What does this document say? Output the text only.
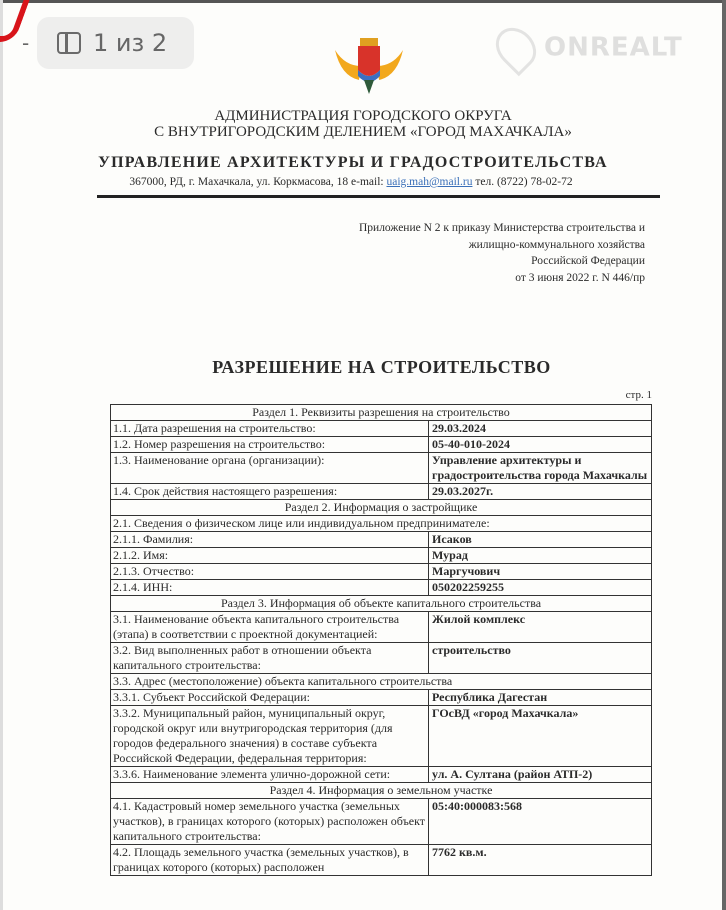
-	1 из 2	ONREALT
АДМИНИСТРАЦИЯ ГОРОДСКОГО ОКРУГА
С ВНУТРИГОРОДСКИМ ДЕЛЕНИЕМ «ГОРОД МАХАЧКАЛА»
УПРАВЛЕНИЕ АРХИТЕКТУРЫ И ГРАДОСТРОИТЕЛЬСТВА
367000, РД, г. Махачкала, ул. Коркмасова, 18 e-mail: uaig.mah@mail.ru тел. (8722) 78-02-72
Приложение N 2 к приказу Министерства строительства и
жилищно-коммунального хозяйства
Российской Федерации
от 3 июня 2022 г. N 446/пр
РАЗРЕШЕНИЕ НА СТРОИТЕЛЬСТВО
стр. 1
Раздел 1. Реквизиты разрешения на строительство	
1.1. Дата разрешения на строительство:	29.03.2024
1.2. Номер разрешения на строительство:	05-40-010-2024
1.3. Наименование органа (организации):	Управление архитектуры и градостроительства города Махачкалы
1.4. Срок действия настоящего разрешения:	29.03.2027г.
Раздел 2. Информация о застройщике	
2.1. Сведения о физическом лице или индивидуальном предпринимателе:	
2.1.1. Фамилия:	Исаков
2.1.2. Имя:	Мурад
2.1.3. Отчество:	Маргучович
2.1.4. ИНН:	050202259255
Раздел 3. Информация об объекте капитального строительства	
3.1. Наименование объекта капитального строительства (этапа) в соответствии с проектной документацией:	Жилой комплекс
3.2. Вид выполненных работ в отношении объекта капитального строительства:	строительство
3.3. Адрес (местоположение) объекта капитального строительства	
3.3.1. Субъект Российской Федерации:	Республика Дагестан
3.3.2. Муниципальный район, муниципальный округ, городской округ или внутригородская территория (для городов федерального значения) в составе субъекта Российской Федерации, федеральная территория:	ГОсВД «город Махачкала»
3.3.6. Наименование элемента улично-дорожной сети:	ул. А. Султана (район АТП-2)
Раздел 4. Информация о земельном участке	
4.1. Кадастровый номер земельного участка (земельных участков), в границах которого (которых) расположен объект капитального строительства:	05:40:000083:568
4.2. Площадь земельного участка (земельных участков), в границах которого (которых) расположен	7762 кв.м.
